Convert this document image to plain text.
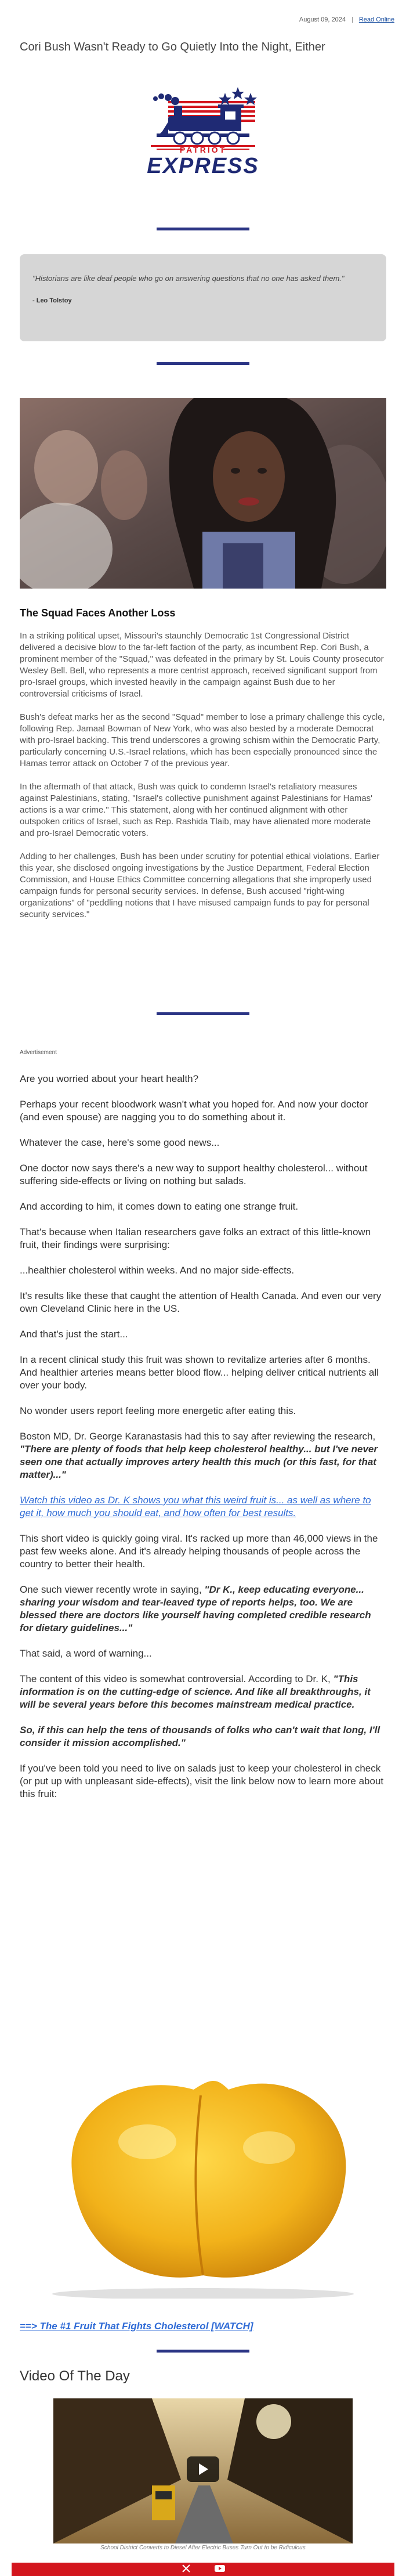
August 09, 2024 | Read Online
Cori Bush Wasn't Ready to Go Quietly Into the Night, Either
PATRIOT
EXPRESS
"Historians are like deaf people who go on answering questions that no one has asked them."
- Leo Tolstoy
The Squad Faces Another Loss

In a striking political upset, Missouri's staunchly Democratic 1st Congressional District delivered a decisive blow to the far-left faction of the party, as incumbent Rep. Cori Bush, a prominent member of the "Squad," was defeated in the primary by St. Louis County prosecutor Wesley Bell. Bell, who represents a more centrist approach, received significant support from pro-Israel groups, which invested heavily in the campaign against Bush due to her controversial criticisms of Israel.

Bush's defeat marks her as the second "Squad" member to lose a primary challenge this cycle, following Rep. Jamaal Bowman of New York, who was also bested by a moderate Democrat with pro-Israel backing. This trend underscores a growing schism within the Democratic Party, particularly concerning U.S.-Israel relations, which has been especially pronounced since the Hamas terror attack on October 7 of the previous year.

In the aftermath of that attack, Bush was quick to condemn Israel's retaliatory measures against Palestinians, stating, "Israel's collective punishment against Palestinians for Hamas' actions is a war crime." This statement, along with her continued alignment with other outspoken critics of Israel, such as Rep. Rashida Tlaib, may have alienated more moderate and pro-Israel Democratic voters.

Adding to her challenges, Bush has been under scrutiny for potential ethical violations. Earlier this year, she disclosed ongoing investigations by the Justice Department, Federal Election Commission, and House Ethics Committee concerning allegations that she improperly used campaign funds for personal security services. In defense, Bush accused "right-wing organizations" of "peddling notions that I have misused campaign funds to pay for personal security services."

Advertisement

Are you worried about your heart health?

Perhaps your recent bloodwork wasn't what you hoped for. And now your doctor (and even spouse) are nagging you to do something about it.

Whatever the case, here's some good news...

One doctor now says there's a new way to support healthy cholesterol... without suffering side-effects or living on nothing but salads.

And according to him, it comes down to eating one strange fruit.

That's because when Italian researchers gave folks an extract of this little-known fruit, their findings were surprising:

...healthier cholesterol within weeks. And no major side-effects.

It's results like these that caught the attention of Health Canada. And even our very own Cleveland Clinic here in the US.

And that's just the start...

In a recent clinical study this fruit was shown to revitalize arteries after 6 months. And healthier arteries means better blood flow... helping deliver critical nutrients all over your body.

No wonder users report feeling more energetic after eating this.

Boston MD, Dr. George Karanastasis had this to say after reviewing the research, "There are plenty of foods that help keep cholesterol healthy... but I've never seen one that actually improves artery health this much (or this fast, for that matter)..."

Watch this video as Dr. K shows you what this weird fruit is... as well as where to get it, how much you should eat, and how often for best results.

This short video is quickly going viral. It's racked up more than 46,000 views in the past few weeks alone. And it's already helping thousands of people across the country to better their health.

One such viewer recently wrote in saying, "Dr K., keep educating everyone... sharing your wisdom and tear-leaved type of reports helps, too. We are blessed there are doctors like yourself having completed credible research for dietary guidelines..."

That said, a word of warning...

The content of this video is somewhat controversial. According to Dr. K, "This information is on the cutting-edge of science. And like all breakthroughs, it will be several years before this becomes mainstream medical practice.

So, if this can help the tens of thousands of folks who can't wait that long, I'll consider it mission accomplished."

If you've been told you need to live on salads just to keep your cholesterol in check (or put up with unpleasant side-effects), visit the link below now to learn more about this fruit:

==> The #1 Fruit That Fights Cholesterol [WATCH]
Video Of The Day
School District Converts to Diesel After Electric Buses Turn Out to be Ridiculous
